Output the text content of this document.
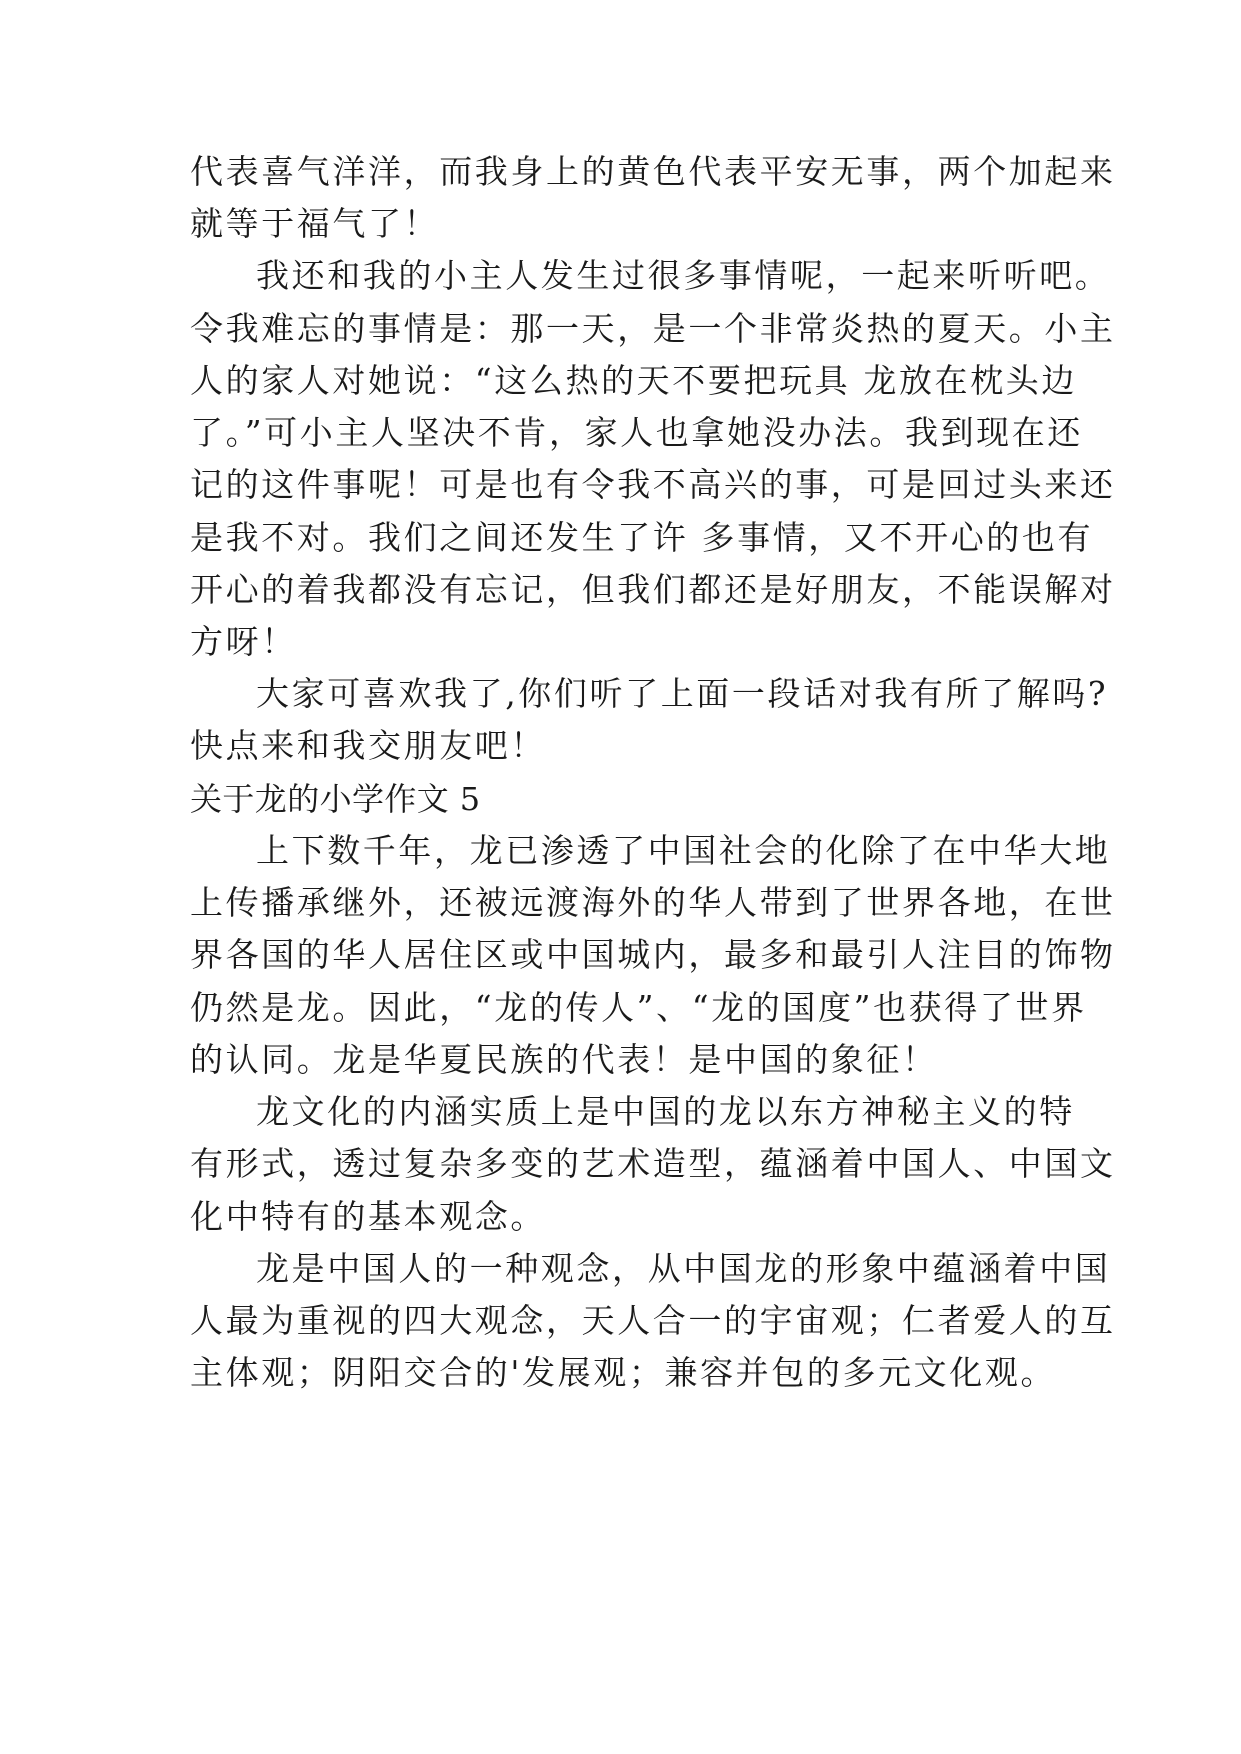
代表喜气洋洋，而我身上的黄色代表平安无事，两个加起来

就等于福气了！

我还和我的小主人发生过很多事情呢，一起来听听吧。

令我难忘的事情是：那一天，是一个非常炎热的夏天。小主

人的家人对她说：“这么热的天不要把玩具 龙放在枕头边

了。”可小主人坚决不肯，家人也拿她没办法。我到现在还

记的这件事呢！可是也有令我不高兴的事，可是回过头来还

是我不对。我们之间还发生了许 多事情，又不开心的也有

开心的着我都没有忘记，但我们都还是好朋友，不能误解对

方呀！

大家可喜欢我了,你们听了上面一段话对我有所了解吗?

快点来和我交朋友吧！

关于龙的小学作文 5

上下数千年，龙已渗透了中国社会的化除了在中华大地

上传播承继外，还被远渡海外的华人带到了世界各地，在世

界各国的华人居住区或中国城内，最多和最引人注目的饰物

仍然是龙。因此，“龙的传人”、“龙的国度”也获得了世界

的认同。龙是华夏民族的代表！是中国的象征！

龙文化的内涵实质上是中国的龙以东方神秘主义的特

有形式，透过复杂多变的艺术造型，蕴涵着中国人、中国文

化中特有的基本观念。

龙是中国人的一种观念，从中国龙的形象中蕴涵着中国

人最为重视的四大观念，天人合一的宇宙观；仁者爱人的互

主体观；阴阳交合的'发展观；兼容并包的多元文化观。
